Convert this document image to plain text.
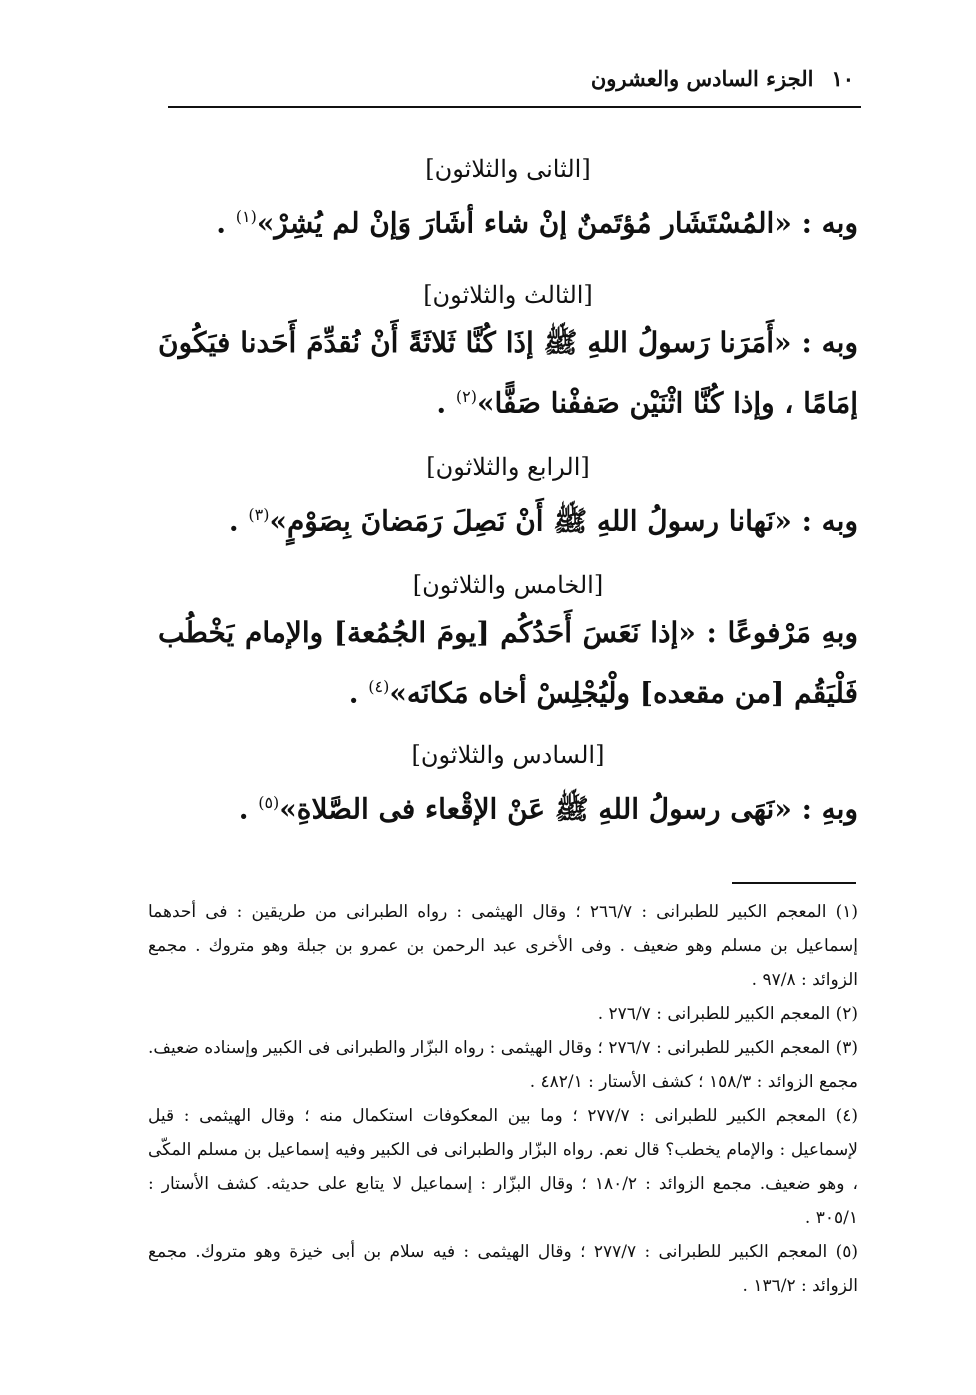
١٠
الجزء السادس والعشرون

[الثانى والثلاثون]

وبه : «المُسْتَشَار مُؤتَمنٌ إنْ شاء أشَارَ وَإنْ لم يُشِرْ»$^{(١)}$ .

[الثالث والثلاثون]

وبه : «أَمَرَنا رَسولُ اللهِ ﷺ إذَا كُنَّا ثَلاثَةً أَنْ نُقدِّمَ أَحَدنا فيَكُونَ إمَامًا ، وإذا كُنَّا اثْنَيْن صَففْنا صَفًّا»$^{(٢)}$ .

[الرابع والثلاثون]

وبه : «نَهانا رسولُ اللهِ ﷺ أَنْ نَصِلَ رَمَضانَ بِصَوْمٍ»$^{(٣)}$ .

[الخامس والثلاثون]

وبهِ مَرْفوعًا : «إذا نَعَسَ أَحَدُكُم [يومَ الجُمُعة] والإمام يَخْطُب فَلْيَقُم [من مقعده] ولْيُجْلِسْ أخاه مَكانَه»$^{(٤)}$ .

[السادس والثلاثون]

وبهِ : «نَهَى رسولُ اللهِ ﷺ عَنْ الإقْعاء فى الصَّلاةِ»$^{(٥)}$ .

(١) المعجم الكبير للطبرانى : ٢٦٦/٧ ؛ وقال الهيثمى : رواه الطبرانى من طريقين : فى أحدهما إسماعيل بن مسلم وهو ضعيف . وفى الأخرى عبد الرحمن بن عمرو بن جبلة وهو متروك . مجمع الزوائد : ٩٧/٨ .

(٢) المعجم الكبير للطبرانى : ٢٧٦/٧ .

(٣) المعجم الكبير للطبرانى : ٢٧٦/٧ ؛ وقال الهيثمى : رواه البزّار والطبرانى فى الكبير وإسناده ضعيف. مجمع الزوائد : ١٥٨/٣ ؛ كشف الأستار : ٤٨٢/١ .

(٤) المعجم الكبير للطبرانى : ٢٧٧/٧ ؛ وما بين المعكوفات استكمال منه ؛ وقال الهيثمى : قيل لإسماعيل : والإمام يخطب؟ قال نعم. رواه البزّار والطبرانى فى الكبير وفيه إسماعيل بن مسلم المكّى ، وهو ضعيف. مجمع الزوائد : ١٨٠/٢ ؛ وقال البزّار : إسماعيل لا يتابع على حديثه. كشف الأستار : ٣٠٥/١ .

(٥) المعجم الكبير للطبرانى : ٢٧٧/٧ ؛ وقال الهيثمى : فيه سلام بن أبى خيزة وهو متروك. مجمع الزوائد : ١٣٦/٢ .
